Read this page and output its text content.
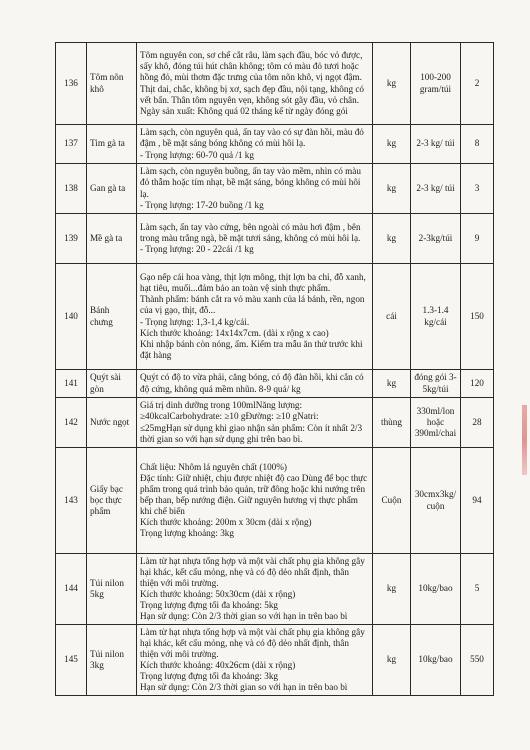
136	Tôm nõn khô	Tôm nguyên con, sơ chế cắt râu, làm sạch đầu, bóc vỏ được, sấy khô, đóng túi hút chân không; tôm có màu đỏ tươi hoặc hồng đỏ, mùi thơm đặc trưng của tôm nõn khô, vị ngọt đậm. Thịt dai, chắc, không bị xơ, sạch đẹp đầu, nội tạng, không có vết bẩn. Thân tôm nguyên vẹn, không sót gãy đầu, vỏ chân.
Ngày sản xuất: Không quá 02 tháng kể từ ngày đóng gói	kg	100-200 gram/túi	2
137	Tim gà ta	Làm sạch, còn nguyên quả, ấn tay vào có sự đàn hồi, màu đỏ đậm , bề mặt sáng bóng không có mùi hôi lạ.
- Trọng lượng: 60-70 quả /1 kg	kg	2-3 kg/ túi	8
138	Gan gà ta	Làm sạch, còn nguyên buồng, ấn tay vào mềm, nhìn có màu đỏ thẫm hoặc tím nhạt, bề mặt sáng, bóng không có mùi hôi lạ.
- Trọng lượng: 17-20 buồng /1 kg	kg	2-3 kg/ túi	3
139	Mề gà ta	Làm sạch, ấn tay vào cứng, bên ngoài có màu hơi đậm , bên trong màu trắng ngà, bề mặt tươi sáng, không có mùi hôi lạ.
- Trọng lượng: 20 - 22cái /1 kg	kg	2-3kg/túi	9
140	Bánh chưng	Gạo nếp cái hoa vàng, thịt lợn mông, thịt lợn ba chỉ, đỗ xanh, hạt tiêu, muối...đảm bảo an toàn vệ sinh thực phẩm.
Thành phẩm: bánh cắt ra vỏ màu xanh của lá bánh, rền, ngon của vị gạo, thịt, đỗ...
- Trọng lượng: 1,3-1,4 kg/cái.
Kích thước khoảng: 14x14x7cm. (dài x rộng x cao)
Khi nhập bánh còn nóng, ấm. Kiểm tra mẫu ăn thử trước khi đặt hàng	cái	1.3-1.4 kg/cái	150
141	Quýt sài gòn	Quýt có độ to vừa phải, căng bóng, có độ đàn hồi, khi cắn có độ cứng, không quá mềm nhũn. 8-9 quả/ kg	kg	đóng gói 3-5kg/túi	120
142	Nước ngọt	Giá trị dinh dưỡng trong 100mlNăng lượng:
≥40kcalCarbohydrate: ≥10 gĐường: ≥10 gNatri:
≤25mgHạn sử dụng khi giao nhận sản phẩm: Còn ít nhất 2/3 thời gian so với hạn sử dụng ghi trên bao bì.	thùng	330ml/lon hoặc 390ml/chai	28
143	Giấy bạc bọc thực phẩm	Chất liệu: Nhôm lá nguyên chất (100%)
Đặc tính: Giữ nhiệt, chịu được nhiệt độ cao Dùng để bọc thực phẩm trong quá trình bảo quản, trữ đông hoặc khi nướng trên bếp than, bếp nướng điện. Giữ nguyên hương vị thực phẩm khi chế biến
Kích thước khoảng: 200m x 30cm (dài x rộng)
Trọng lượng khoảng: 3kg	Cuộn	30cmx3kg/ cuộn	94
144	Túi nilon 5kg	Làm từ hạt nhựa tổng hợp và một vài chất phụ gia không gây hại khác, kết cấu mỏng, nhẹ và có độ dẻo nhất định, thân thiện với môi trường.
Kích thước khoảng: 50x30cm (dài x rộng)
Trọng lượng đựng tối đa khoảng: 5kg
Hạn sử dụng: Còn 2/3 thời gian so với hạn in trên bao bì	kg	10kg/bao	5
145	Túi nilon 3kg	Làm từ hạt nhựa tổng hợp và một vài chất phụ gia không gây hại khác, kết cấu mỏng, nhẹ và có độ dẻo nhất định, thân thiện với môi trường.
Kích thước khoảng: 40x26cm (dài x rộng)
Trọng lượng đựng tối đa khoảng: 3kg
Hạn sử dụng: Còn 2/3 thời gian so với hạn in trên bao bì	kg	10kg/bao	550
